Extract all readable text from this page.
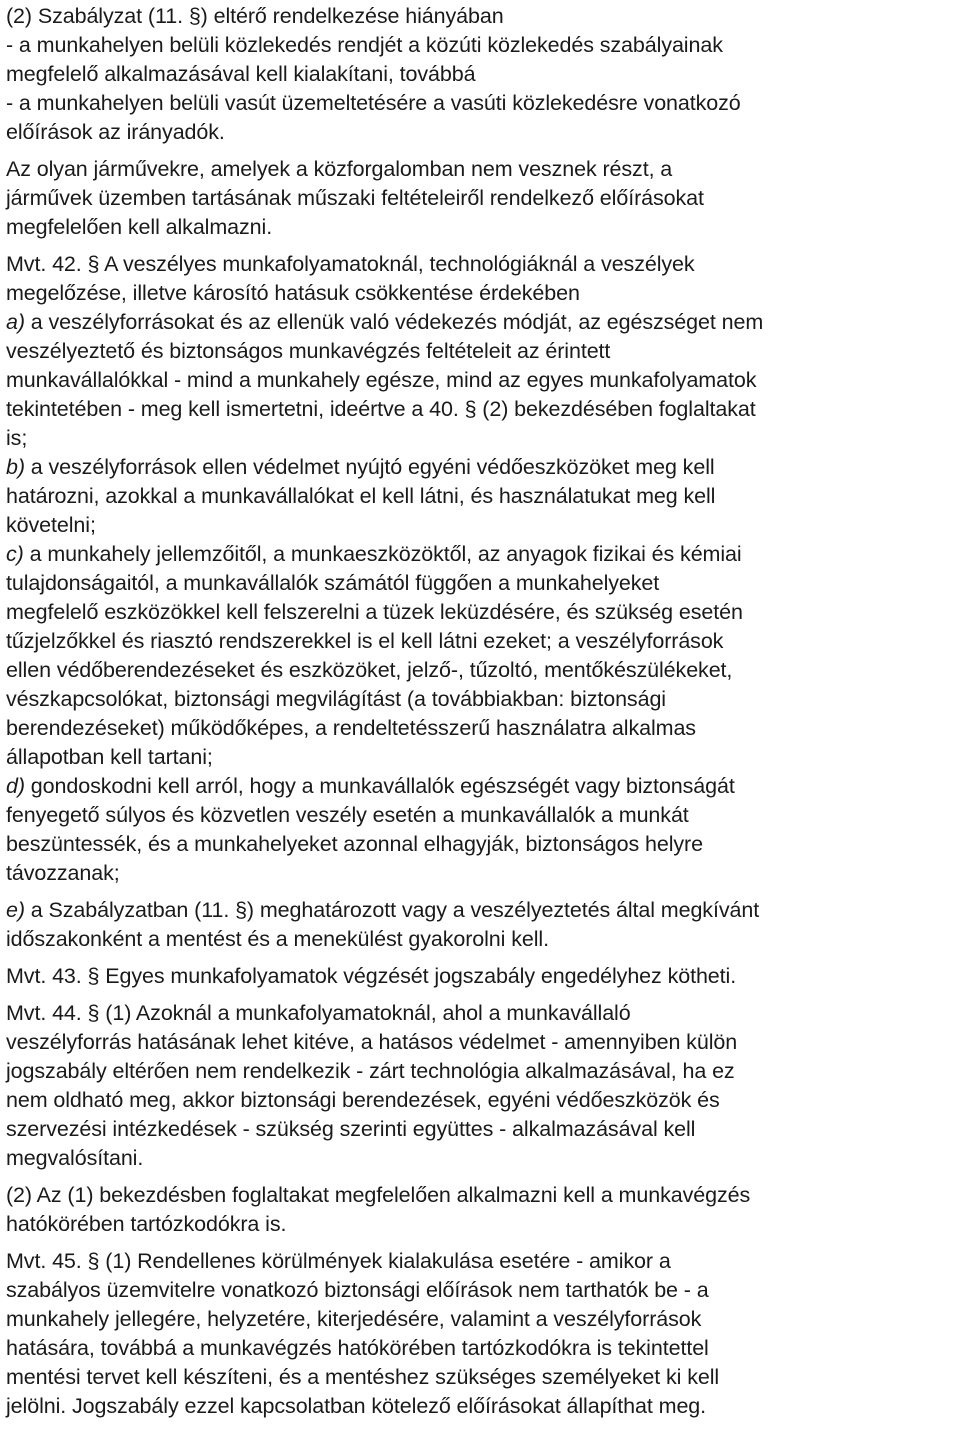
(2) Szabályzat (11. §) eltérő rendelkezése hiányában
- a munkahelyen belüli közlekedés rendjét a közúti közlekedés szabályainak
megfelelő alkalmazásával kell kialakítani, továbbá
- a munkahelyen belüli vasút üzemeltetésére a vasúti közlekedésre vonatkozó
előírások az irányadók.
Az olyan járművekre, amelyek a közforgalomban nem vesznek részt, a
járművek üzemben tartásának műszaki feltételeiről rendelkező előírásokat
megfelelően kell alkalmazni.
Mvt. 42. § A veszélyes munkafolyamatoknál, technológiáknál a veszélyek
megelőzése, illetve károsító hatásuk csökkentése érdekében
a) a veszélyforrásokat és az ellenük való védekezés módját, az egészséget nem
veszélyeztető és biztonságos munkavégzés feltételeit az érintett
munkavállalókkal - mind a munkahely egésze, mind az egyes munkafolyamatok
tekintetében - meg kell ismertetni, ideértve a 40. § (2) bekezdésében foglaltakat
is;
b) a veszélyforrások ellen védelmet nyújtó egyéni védőeszközöket meg kell
határozni, azokkal a munkavállalókat el kell látni, és használatukat meg kell
követelni;
c) a munkahely jellemzőitől, a munkaeszközöktől, az anyagok fizikai és kémiai
tulajdonságaitól, a munkavállalók számától függően a munkahelyeket
megfelelő eszközökkel kell felszerelni a tüzek leküzdésére, és szükség esetén
tűzjelzőkkel és riasztó rendszerekkel is el kell látni ezeket; a veszélyforrások
ellen védőberendezéseket és eszközöket, jelző-, tűzoltó, mentőkészülékeket,
vészkapcsolókat, biztonsági megvilágítást (a továbbiakban: biztonsági
berendezéseket) működőképes, a rendeltetésszerű használatra alkalmas
állapotban kell tartani;
d) gondoskodni kell arról, hogy a munkavállalók egészségét vagy biztonságát
fenyegető súlyos és közvetlen veszély esetén a munkavállalók a munkát
beszüntessék, és a munkahelyeket azonnal elhagyják, biztonságos helyre
távozzanak;
e) a Szabályzatban (11. §) meghatározott vagy a veszélyeztetés által megkívánt
időszakonként a mentést és a menekülést gyakorolni kell.
Mvt. 43. § Egyes munkafolyamatok végzését jogszabály engedélyhez kötheti.
Mvt. 44. § (1) Azoknál a munkafolyamatoknál, ahol a munkavállaló
veszélyforrás hatásának lehet kitéve, a hatásos védelmet - amennyiben külön
jogszabály eltérően nem rendelkezik - zárt technológia alkalmazásával, ha ez
nem oldható meg, akkor biztonsági berendezések, egyéni védőeszközök és
szervezési intézkedések - szükség szerinti együttes - alkalmazásával kell
megvalósítani.
(2) Az (1) bekezdésben foglaltakat megfelelően alkalmazni kell a munkavégzés
hatókörében tartózkodókra is.
Mvt. 45. § (1) Rendellenes körülmények kialakulása esetére - amikor a
szabályos üzemvitelre vonatkozó biztonsági előírások nem tarthatók be - a
munkahely jellegére, helyzetére, kiterjedésére, valamint a veszélyforrások
hatására, továbbá a munkavégzés hatókörében tartózkodókra is tekintettel
mentési tervet kell készíteni, és a mentéshez szükséges személyeket ki kell
jelölni. Jogszabály ezzel kapcsolatban kötelező előírásokat állapíthat meg.
